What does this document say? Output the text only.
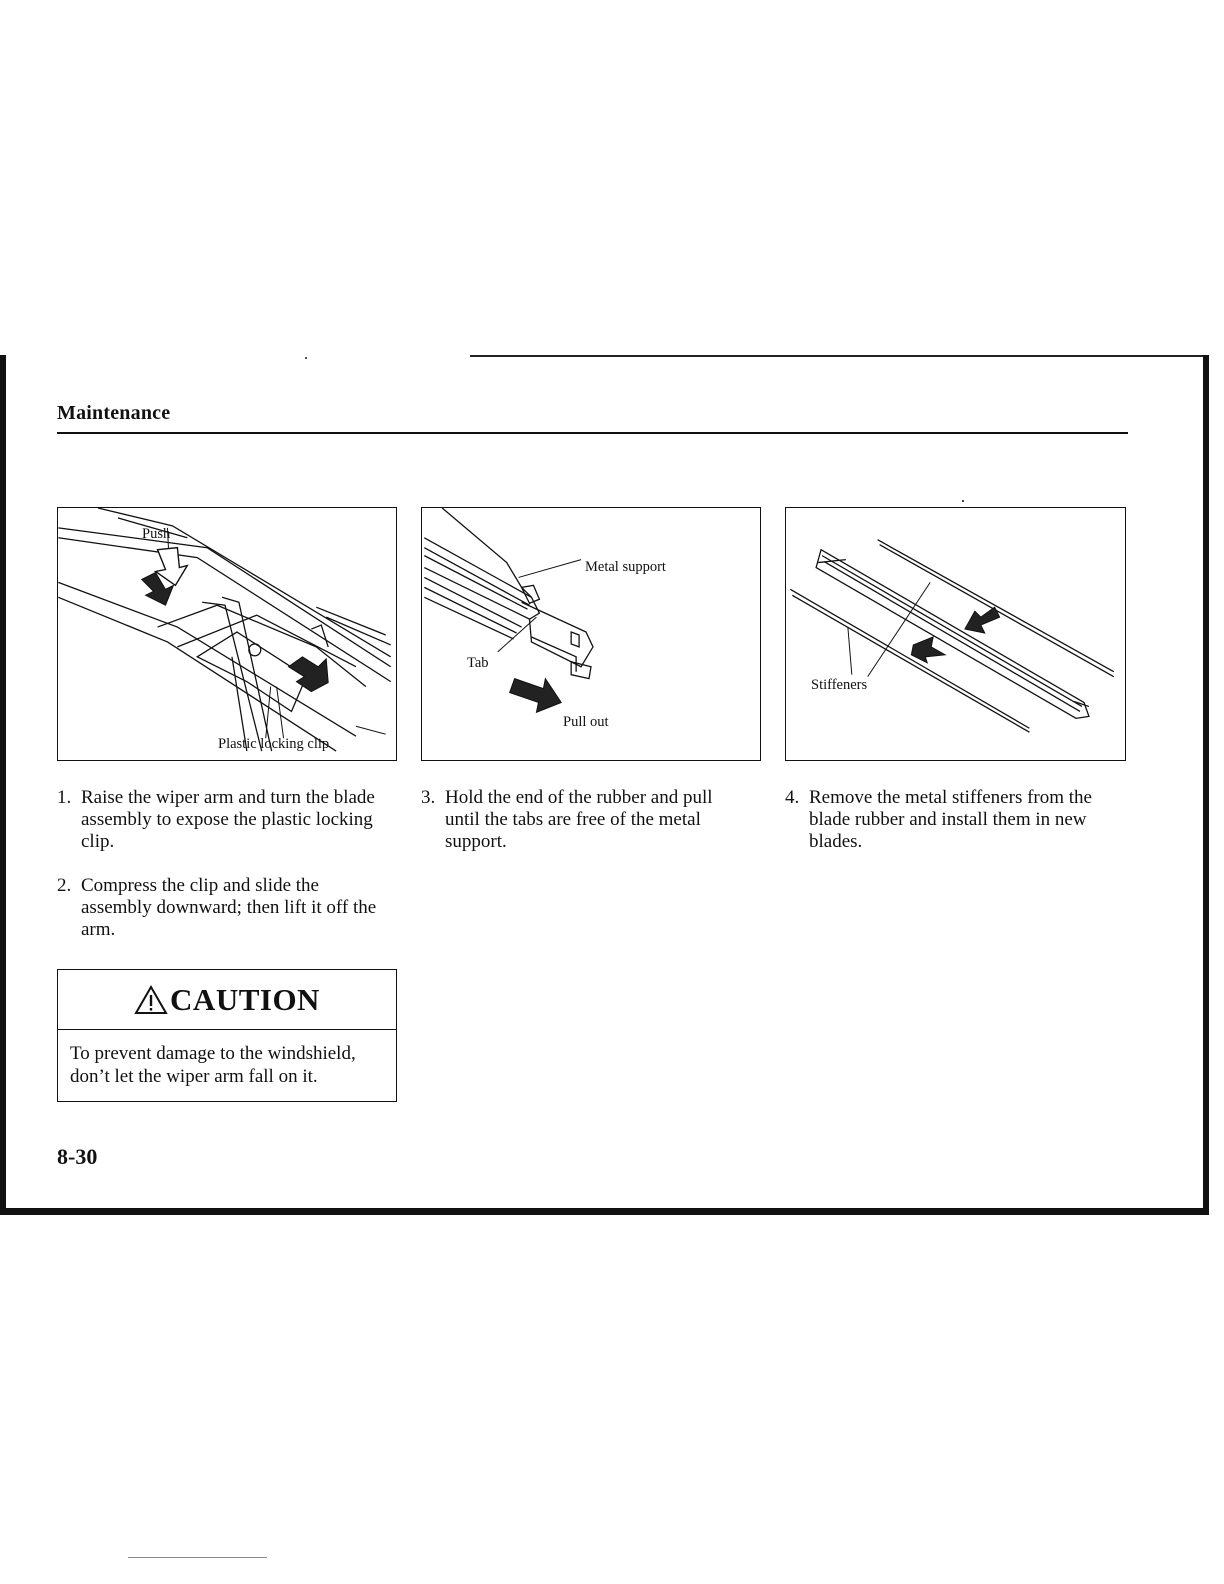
Maintenance
Push
Plastic locking clip
Metal support
Tab
Pull out
Stiffeners
1. Raise the wiper arm and turn the blade
assembly to expose the plastic locking
clip.
2. Compress the clip and slide the
assembly downward; then lift it off the
arm.
3. Hold the end of the rubber and pull
until the tabs are free of the metal
support.
4. Remove the metal stiffeners from the
blade rubber and install them in new
blades.
CAUTION
To prevent damage to the windshield,
don’t let the wiper arm fall on it.
8-30
